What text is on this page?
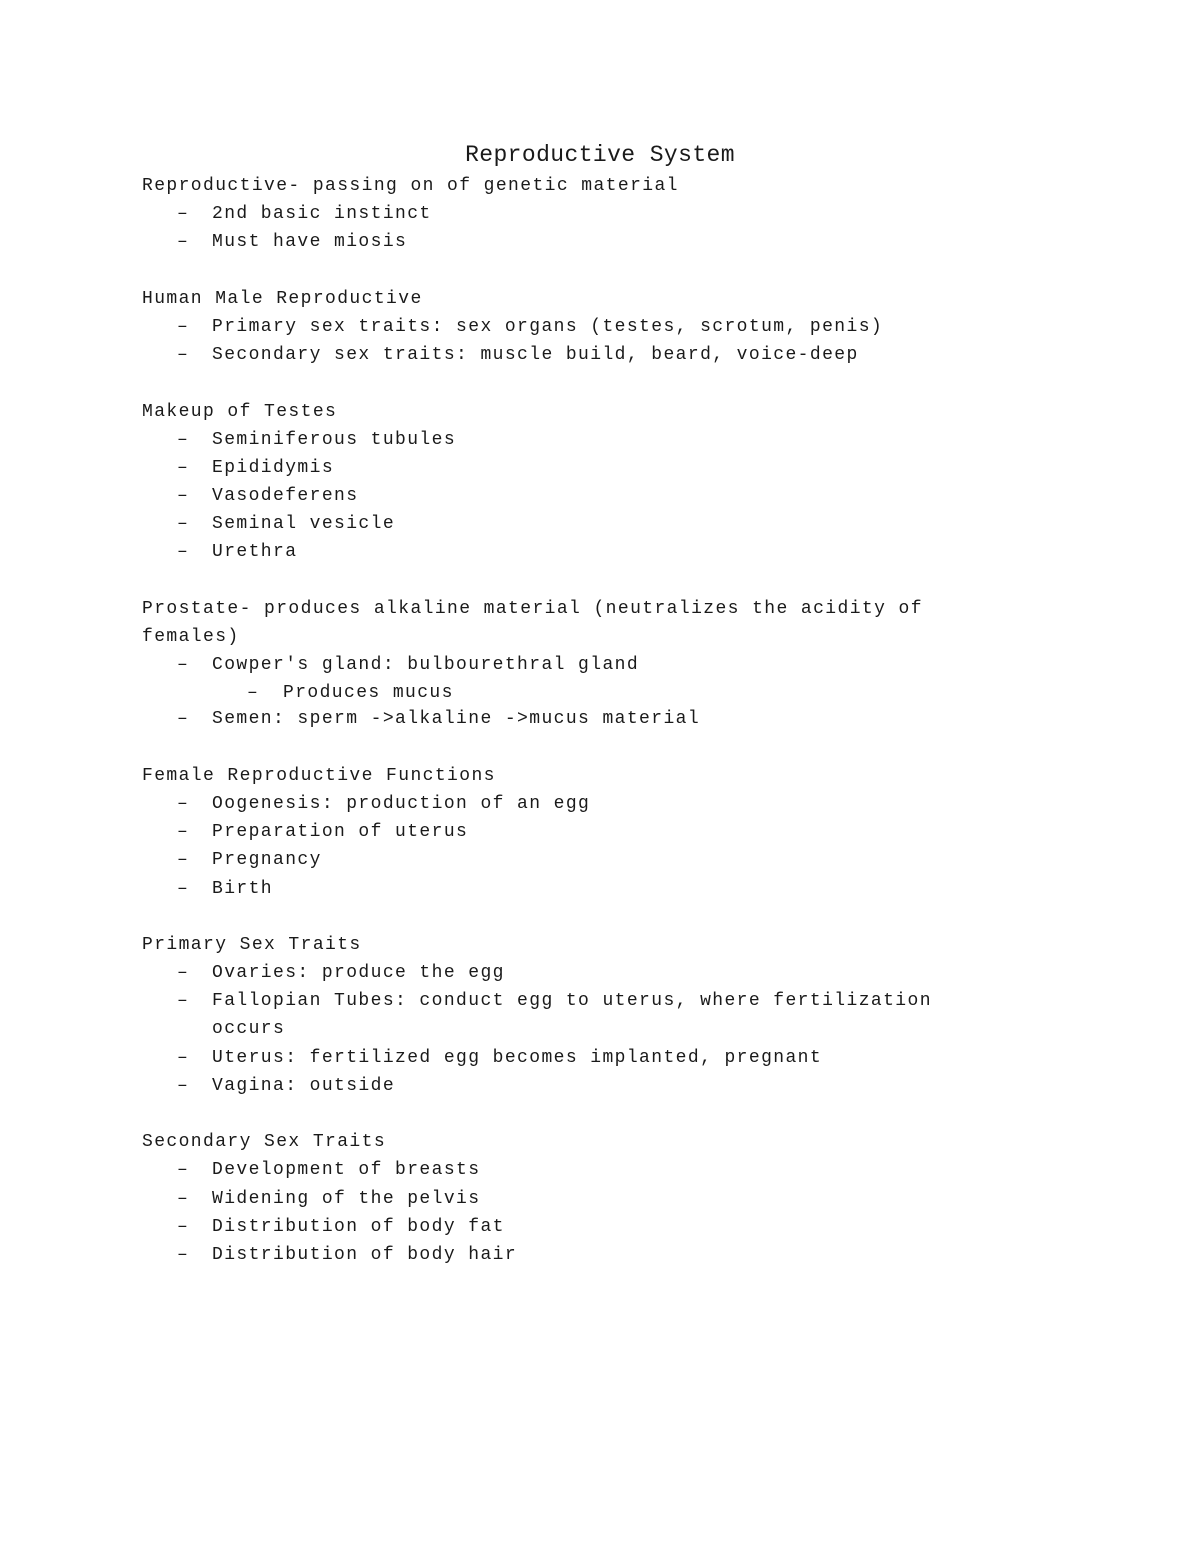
Reproductive System
Reproductive- passing on of genetic material
– 2nd basic instinct
– Must have miosis
Human Male Reproductive
– Primary sex traits: sex organs (testes, scrotum, penis)
– Secondary sex traits: muscle build, beard, voice-deep
Makeup of Testes
– Seminiferous tubules
– Epididymis
– Vasodeferens
– Seminal vesicle
– Urethra
Prostate- produces alkaline material (neutralizes the acidity of
females)
– Cowper's gland: bulbourethral gland
– Produces mucus
– Semen: sperm ->alkaline ->mucus material
Female Reproductive Functions
– Oogenesis: production of an egg
– Preparation of uterus
– Pregnancy
– Birth
Primary Sex Traits
– Ovaries: produce the egg
– Fallopian Tubes: conduct egg to uterus, where fertilization
occurs
– Uterus: fertilized egg becomes implanted, pregnant
– Vagina: outside
Secondary Sex Traits
– Development of breasts
– Widening of the pelvis
– Distribution of body fat
– Distribution of body hair
